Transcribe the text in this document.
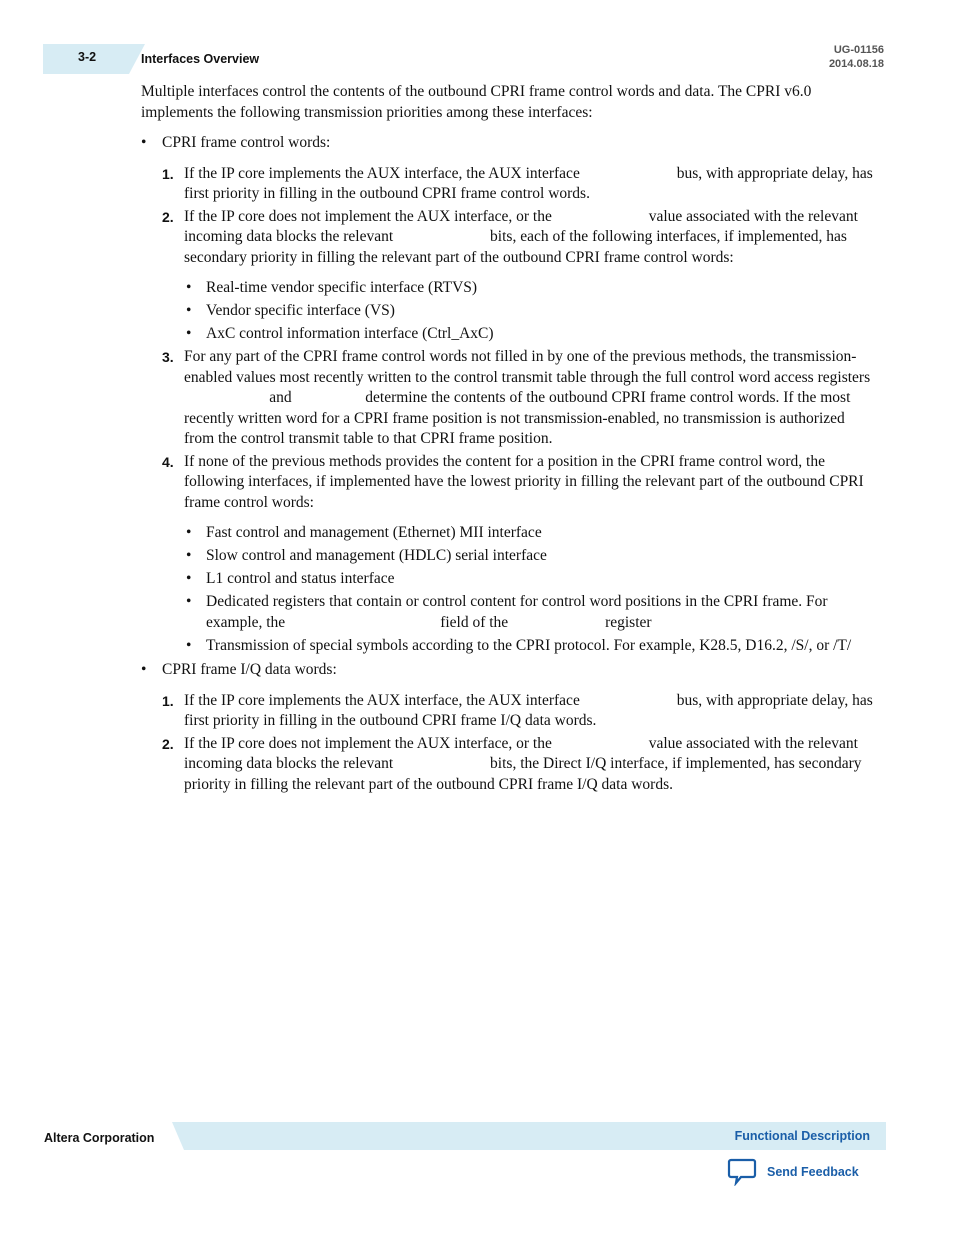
3-2	Interfaces Overview
UG-01156
2014.08.18

Multiple interfaces control the contents of the outbound CPRI frame control words and data. The CPRI v6.0 implements the following transmission priorities among these interfaces:

• CPRI frame control words:
1. If the IP core implements the AUX interface, the AUX interface                         bus, with appropriate delay, has first priority in filling in the outbound CPRI frame control words.
2. If the IP core does not implement the AUX interface, or the                         value associated with the relevant incoming data blocks the relevant                         bits, each of the following interfaces, if implemented, has secondary priority in filling the relevant part of the outbound CPRI frame control words:
• Real-time vendor specific interface (RTVS)
• Vendor specific interface (VS)
• AxC control information interface (Ctrl_AxC)
3. For any part of the CPRI frame control words not filled in by one of the previous methods, the transmission-enabled values most recently written to the control transmit table through the full control word access registers                       and                   determine the contents of the outbound CPRI frame control words. If the most recently written word for a CPRI frame position is not transmission-enabled, no transmission is authorized from the control transmit table to that CPRI frame position.
4. If none of the previous methods provides the content for a position in the CPRI frame control word, the following interfaces, if implemented have the lowest priority in filling the relevant part of the outbound CPRI frame control words:
• Fast control and management (Ethernet) MII interface
• Slow control and management (HDLC) serial interface
• L1 control and status interface
• Dedicated registers that contain or control content for control word positions in the CPRI frame. For example, the                                        field of the                         register
• Transmission of special symbols according to the CPRI protocol. For example, K28.5, D16.2, /S/, or /T/
• CPRI frame I/Q data words:
1. If the IP core implements the AUX interface, the AUX interface                         bus, with appropriate delay, has first priority in filling in the outbound CPRI frame I/Q data words.
2. If the IP core does not implement the AUX interface, or the                         value associated with the relevant incoming data blocks the relevant                         bits, the Direct I/Q interface, if implemented, has secondary priority in filling the relevant part of the outbound CPRI frame I/Q data words.
Altera Corporation	Functional Description
Send Feedback
